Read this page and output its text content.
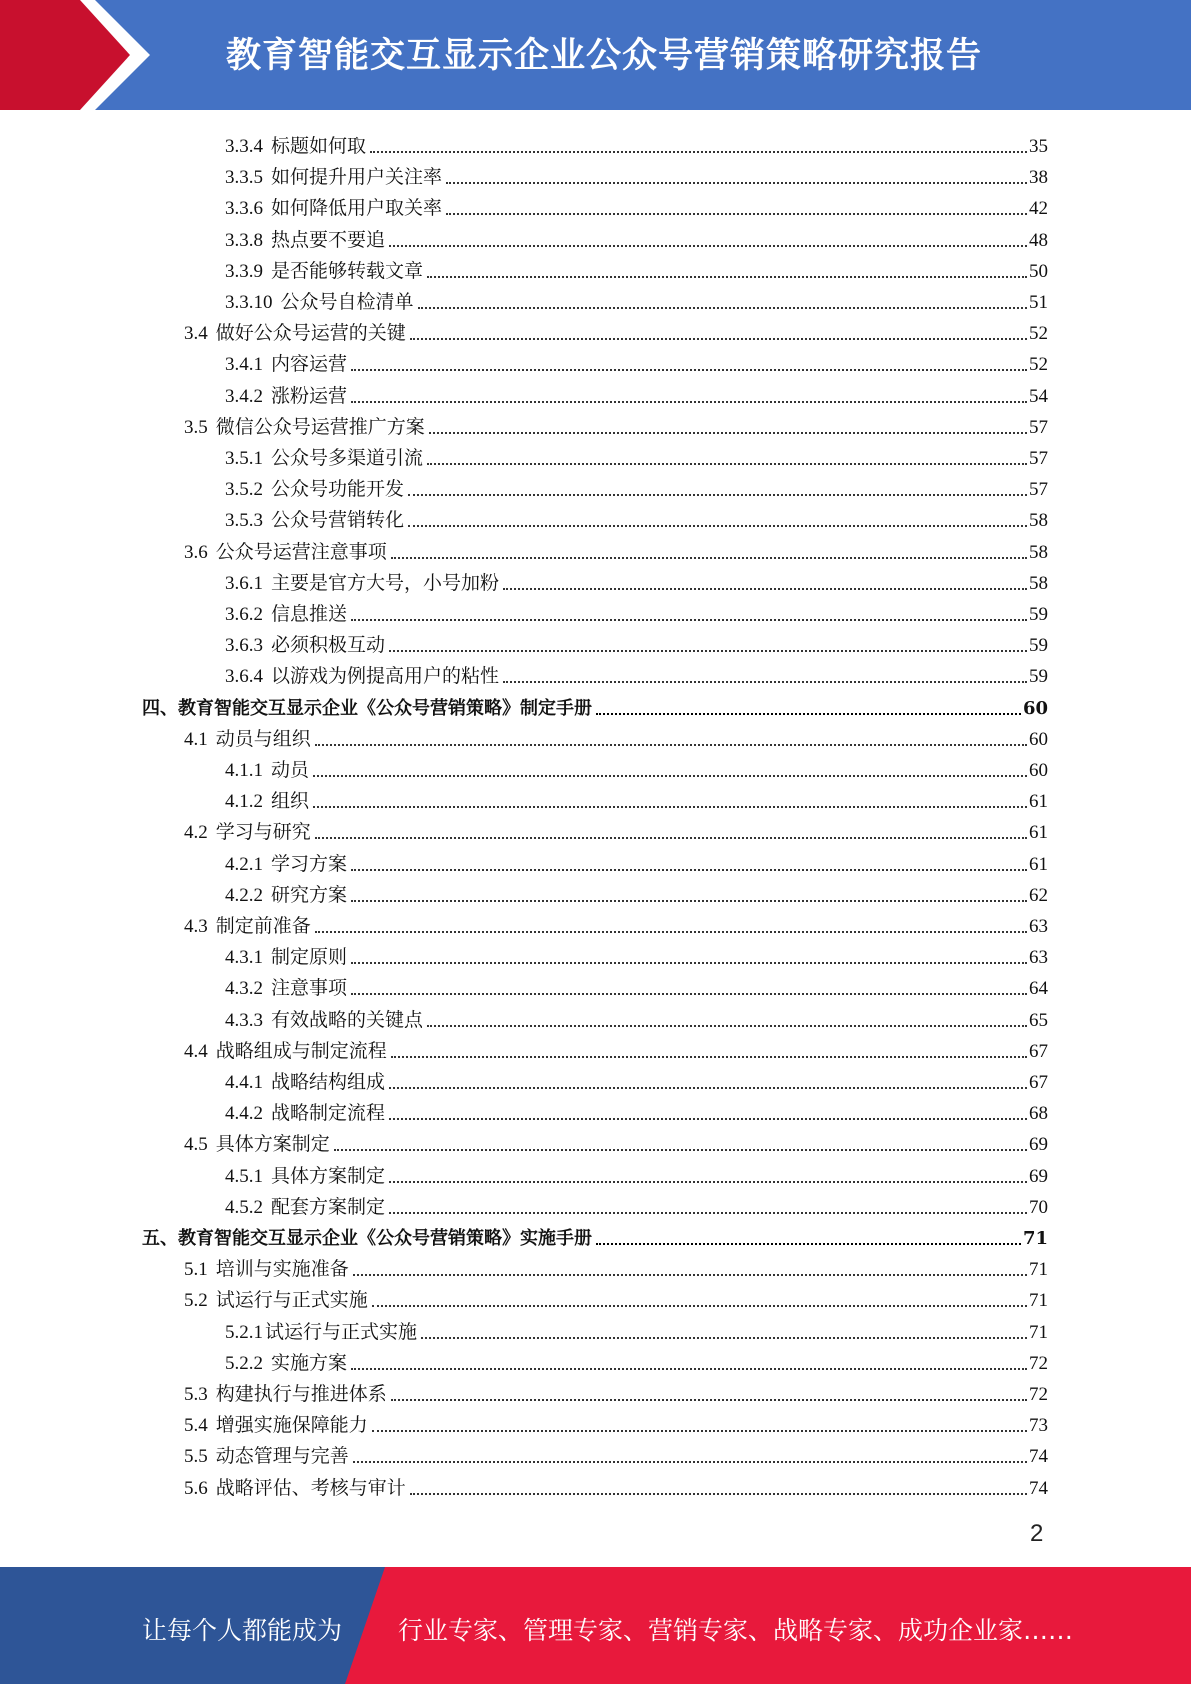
教育智能交互显示企业公众号营销策略研究报告
3.3.4 标题如何取	35
3.3.5 如何提升用户关注率	38
3.3.6 如何降低用户取关率	42
3.3.8 热点要不要追	48
3.3.9 是否能够转载文章	50
3.3.10 公众号自检清单	51
3.4 做好公众号运营的关键	52
3.4.1 内容运营	52
3.4.2 涨粉运营	54
3.5 微信公众号运营推广方案	57
3.5.1 公众号多渠道引流	57
3.5.2 公众号功能开发	57
3.5.3 公众号营销转化	58
3.6 公众号运营注意事项	58
3.6.1 主要是官方大号，小号加粉	58
3.6.2 信息推送	59
3.6.3 必须积极互动	59
3.6.4 以游戏为例提高用户的粘性	59
四、教育智能交互显示企业《公众号营销策略》制定手册	60
4.1 动员与组织	60
4.1.1 动员	60
4.1.2 组织	61
4.2 学习与研究	61
4.2.1 学习方案	61
4.2.2 研究方案	62
4.3 制定前准备	63
4.3.1 制定原则	63
4.3.2 注意事项	64
4.3.3 有效战略的关键点	65
4.4 战略组成与制定流程	67
4.4.1 战略结构组成	67
4.4.2 战略制定流程	68
4.5 具体方案制定	69
4.5.1 具体方案制定	69
4.5.2 配套方案制定	70
五、教育智能交互显示企业《公众号营销策略》实施手册	71
5.1 培训与实施准备	71
5.2 试运行与正式实施	71
5.2.1 试运行与正式实施	71
5.2.2 实施方案	72
5.3 构建执行与推进体系	72
5.4 增强实施保障能力	73
5.5 动态管理与完善	74
5.6 战略评估、考核与审计	74
2
让每个人都能成为 行业专家、管理专家、营销专家、战略专家、成功企业家……
